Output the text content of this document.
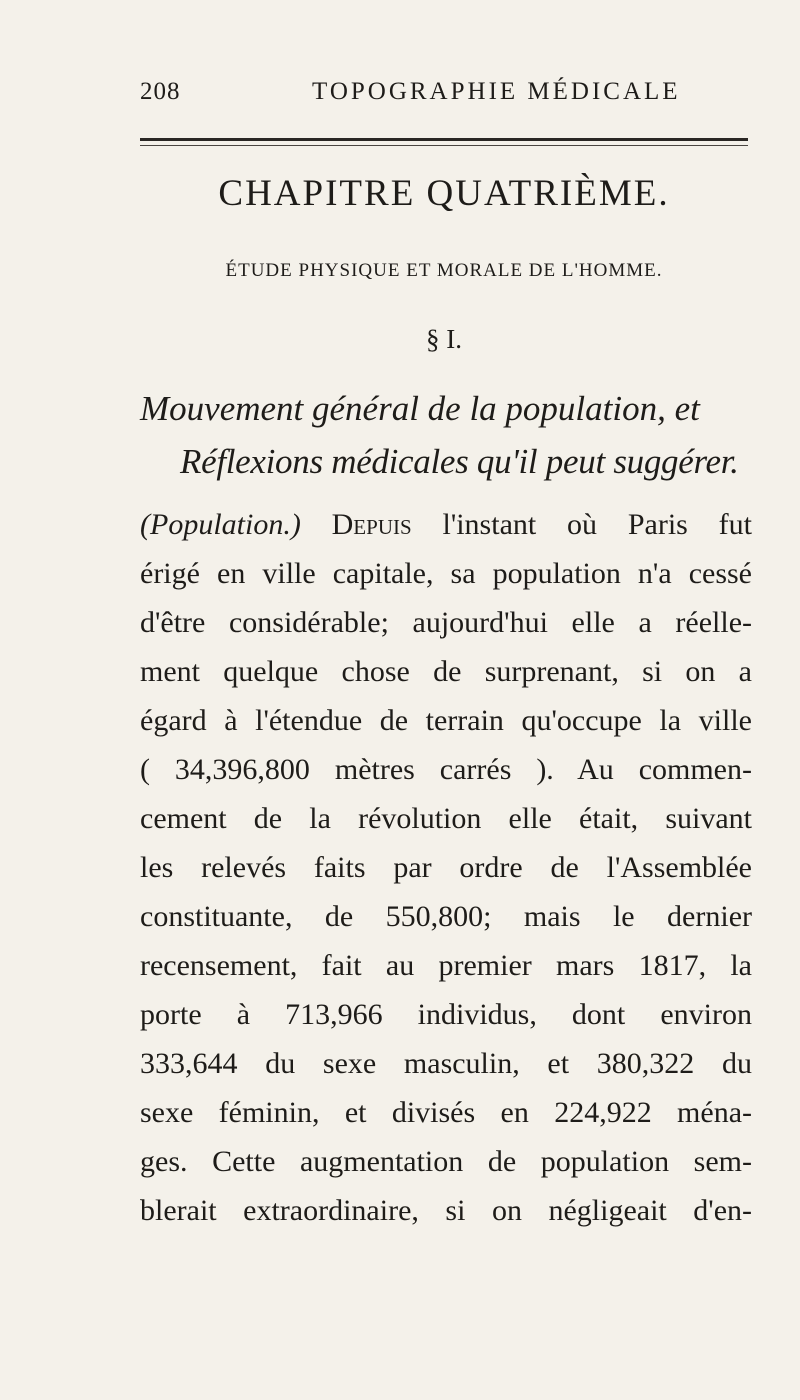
208	TOPOGRAPHIE MÉDICALE
CHAPITRE QUATRIÈME.
ÉTUDE PHYSIQUE ET MORALE DE L'HOMME.
§ I.
Mouvement général de la population, et
Réflexions médicales qu'il peut suggérer.
(Population.) Depuis l'instant où Paris fut
érigé en ville capitale, sa population n'a cessé
d'être considérable; aujourd'hui elle a réelle-
ment quelque chose de surprenant, si on a
égard à l'étendue de terrain qu'occupe la ville
( 34,396,800 mètres carrés ). Au commen-
cement de la révolution elle était, suivant
les relevés faits par ordre de l'Assemblée
constituante, de 550,800; mais le dernier
recensement, fait au premier mars 1817, la
porte à 713,966 individus, dont environ
333,644 du sexe masculin, et 380,322 du
sexe féminin, et divisés en 224,922 ména-
ges. Cette augmentation de population sem-
blerait extraordinaire, si on négligeait d'en-
